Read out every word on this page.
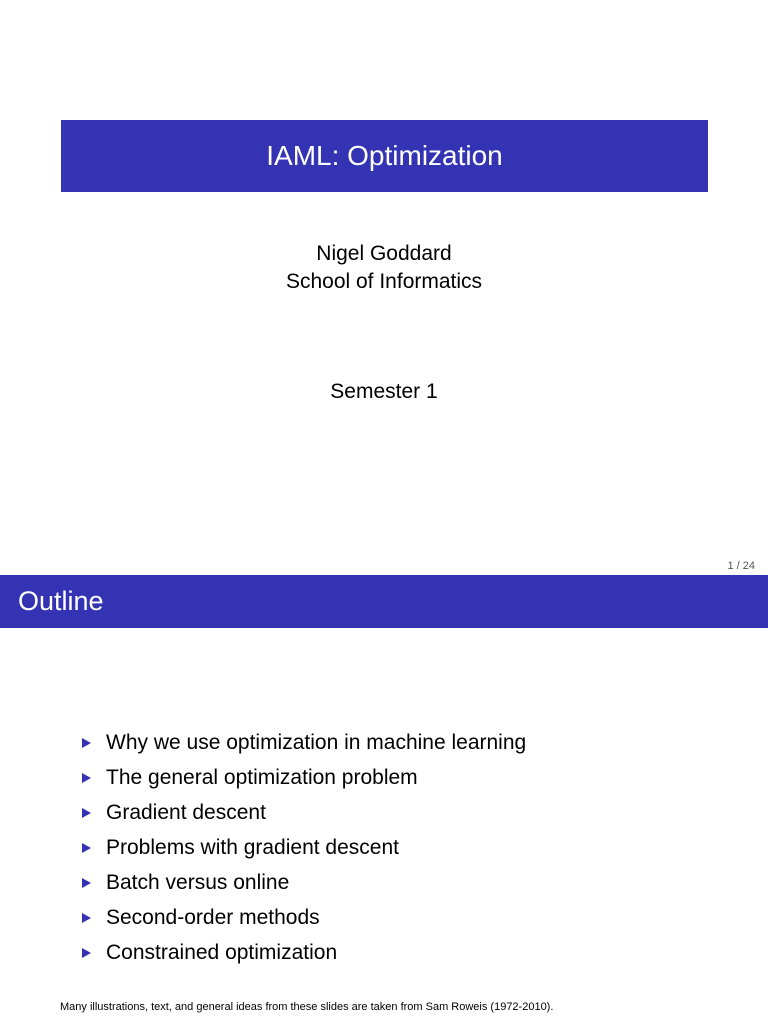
IAML: Optimization
Nigel Goddard
School of Informatics
Semester 1
1 / 24
Outline
Why we use optimization in machine learning
The general optimization problem
Gradient descent
Problems with gradient descent
Batch versus online
Second-order methods
Constrained optimization
Many illustrations, text, and general ideas from these slides are taken from Sam Roweis (1972-2010).
